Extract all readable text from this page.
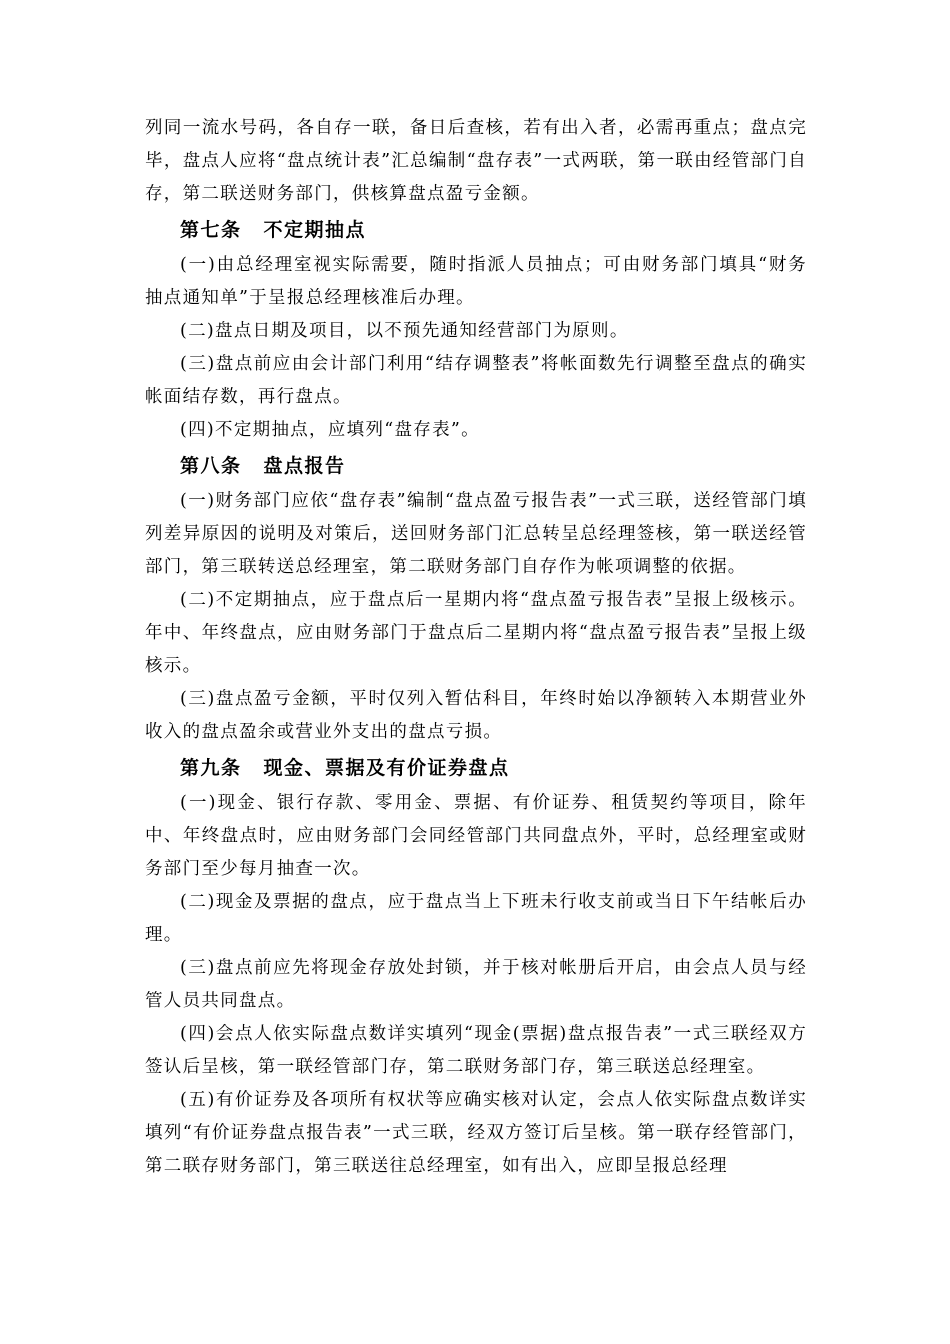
列同一流水号码，各自存一联，备日后查核，若有出入者，必需再重点；盘点完毕，盘点人应将“盘点统计表”汇总编制“盘存表”一式两联，第一联由经管部门自存，第二联送财务部门，供核算盘点盈亏金额。

第七条 不定期抽点

(一)由总经理室视实际需要，随时指派人员抽点；可由财务部门填具“财务抽点通知单”于呈报总经理核准后办理。

(二)盘点日期及项目，以不预先通知经营部门为原则。

(三)盘点前应由会计部门利用“结存调整表”将帐面数先行调整至盘点的确实帐面结存数，再行盘点。

(四)不定期抽点，应填列“盘存表”。

第八条 盘点报告

(一)财务部门应依“盘存表”编制“盘点盈亏报告表”一式三联，送经管部门填列差异原因的说明及对策后，送回财务部门汇总转呈总经理签核，第一联送经管部门，第三联转送总经理室，第二联财务部门自存作为帐项调整的依据。

(二)不定期抽点，应于盘点后一星期内将“盘点盈亏报告表”呈报上级核示。年中、年终盘点，应由财务部门于盘点后二星期内将“盘点盈亏报告表”呈报上级核示。

(三)盘点盈亏金额，平时仅列入暂估科目，年终时始以净额转入本期营业外收入的盘点盈余或营业外支出的盘点亏损。

第九条 现金、票据及有价证券盘点

(一)现金、银行存款、零用金、票据、有价证券、租赁契约等项目，除年中、年终盘点时，应由财务部门会同经管部门共同盘点外，平时，总经理室或财务部门至少每月抽查一次。

(二)现金及票据的盘点，应于盘点当上下班未行收支前或当日下午结帐后办理。

(三)盘点前应先将现金存放处封锁，并于核对帐册后开启，由会点人员与经管人员共同盘点。

(四)会点人依实际盘点数详实填列“现金(票据)盘点报告表”一式三联经双方签认后呈核，第一联经管部门存，第二联财务部门存，第三联送总经理室。

(五)有价证券及各项所有权状等应确实核对认定，会点人依实际盘点数详实填列“有价证券盘点报告表”一式三联，经双方签订后呈核。第一联存经管部门，第二联存财务部门，第三联送往总经理室，如有出入，应即呈报总经理
